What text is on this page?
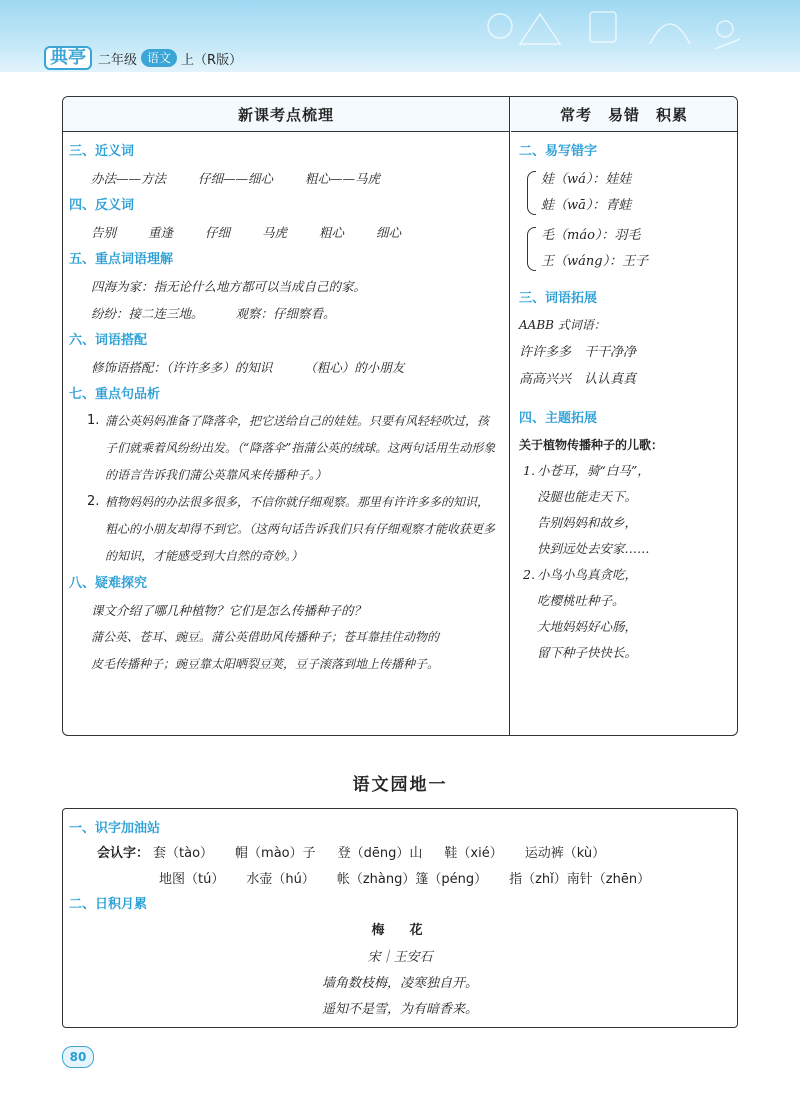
典亭 二年级 语文 上（R版）
新课考点梳理

三、近义词

办法——方法	仔细——细心	粗心——马虎

四、反义词

告别	重逢	仔细	马虎	粗心	细心

五、重点词语理解

四海为家：指无论什么地方都可以当成自己的家。

纷纷：接二连三地。	观察：仔细察看。

六、词语搭配

修饰语搭配：（许许多多）的知识	（粗心）的小朋友

七、重点句品析

1. 蒲公英妈妈准备了降落伞，把它送给自己的娃娃。只要有风轻轻吹过，孩子们就乘着风纷纷出发。（“降落伞”指蒲公英的绒球。这两句话用生动形象的语言告诉我们蒲公英靠风来传播种子。）
2. 植物妈妈的办法很多很多，不信你就仔细观察。那里有许许多多的知识，粗心的小朋友却得不到它。（这两句话告诉我们只有仔细观察才能收获更多的知识，才能感受到大自然的奇妙。）

八、疑难探究

课文介绍了哪几种植物？它们是怎么传播种子的？

蒲公英、苍耳、豌豆。蒲公英借助风传播种子；苍耳靠挂住动物的

皮毛传播种子；豌豆靠太阳晒裂豆荚，豆子滚落到地上传播种子。

常考　易错　积累

二、易写错字

娃（wá）：娃娃
蛙（wā）：青蛙
毛（máo）：羽毛
王（wáng）：王子

三、词语拓展

AABB 式词语：
许许多多　干干净净
高高兴兴　认认真真

四、主题拓展

关于植物传播种子的儿歌：
1. 小苍耳，骑“白马”，
没腿也能走天下。
告别妈妈和故乡，
快到远处去安家……
2. 小鸟小鸟真贪吃，
吃樱桃吐种子。
大地妈妈好心肠，
留下种子快快长。
语文园地一

一、识字加油站

会认字： 套（tào） 帽（mào）子 登（dēng）山 鞋（xié） 运动裤（kù）
地图（tú） 水壶（hú） 帐（zhàng）篷（péng） 指（zhǐ）南针（zhēn）

二、日积月累

梅　花
宋｜王安石
墙角数枝梅，凌寒独自开。
遥知不是雪，为有暗香来。
80
